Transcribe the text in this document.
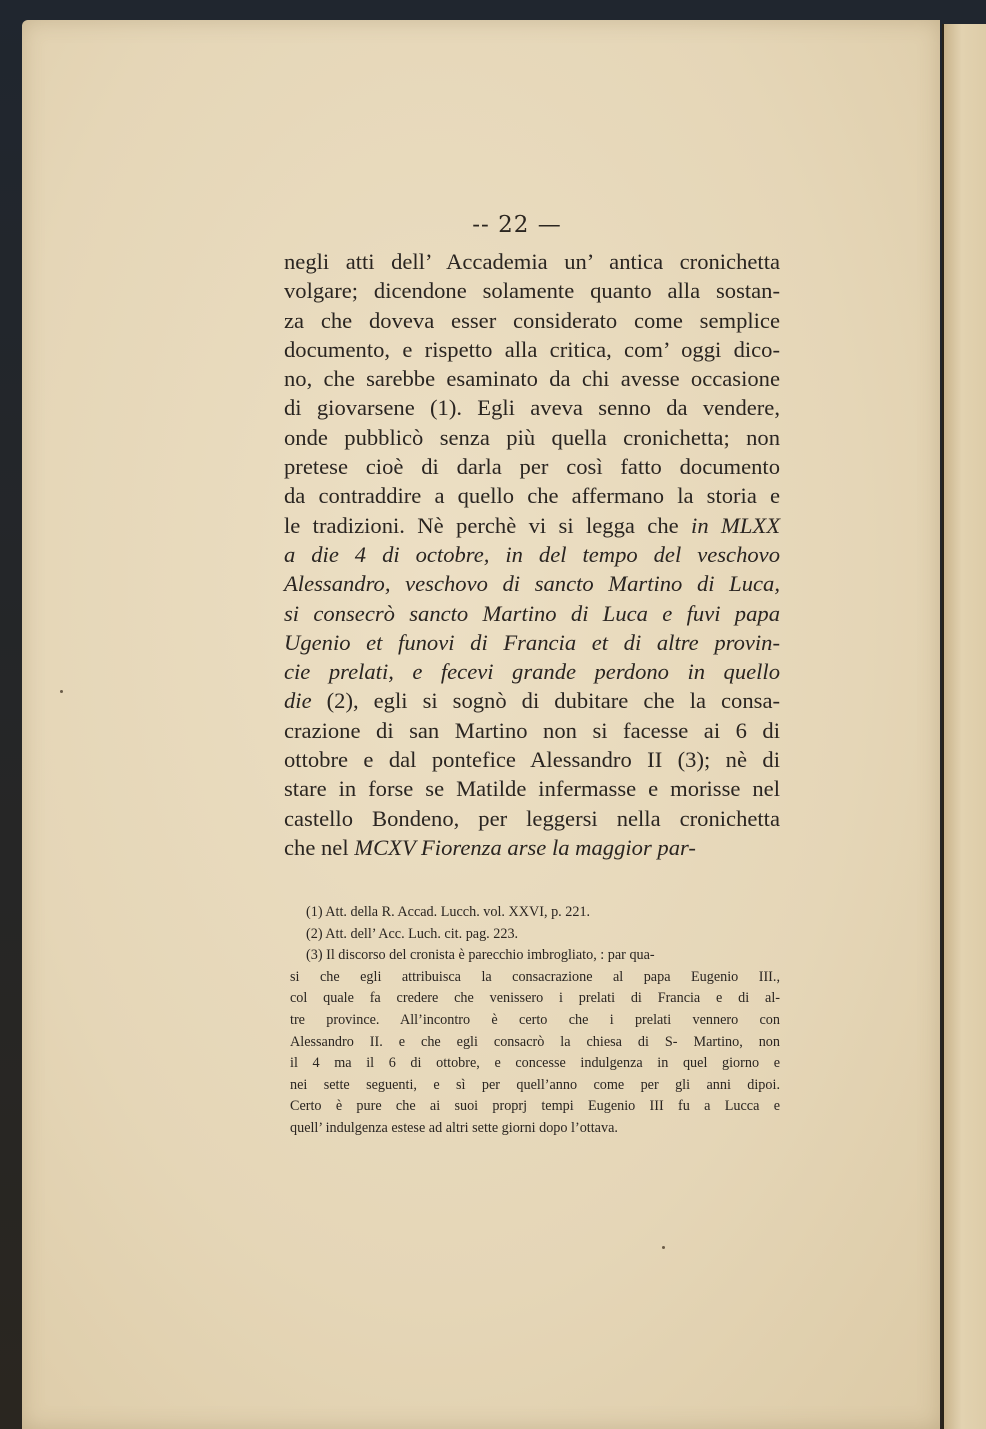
-- 22 —
negli atti dell’ Accademia un’ antica cronichetta
volgare; dicendone solamente quanto alla sostan-
za che doveva esser considerato come semplice
documento, e rispetto alla critica, com’ oggi dico-
no, che sarebbe esaminato da chi avesse occasione
di giovarsene (1). Egli aveva senno da vendere,
onde pubblicò senza più quella cronichetta; non
pretese cioè di darla per così fatto documento
da contraddire a quello che affermano la storia e
le tradizioni. Nè perchè vi si legga che in MLXX
a die 4 di octobre, in del tempo del veschovo
Alessandro, veschovo di sancto Martino di Luca,
si consecrò sancto Martino di Luca e fuvi papa
Ugenio et funovi di Francia et di altre provin-
cie prelati, e fecevi grande perdono in quello
die (2), egli si sognò di dubitare che la consa-
crazione di san Martino non si facesse ai 6 di
ottobre e dal pontefice Alessandro II (3); nè di
stare in forse se Matilde infermasse e morisse nel
castello Bondeno, per leggersi nella cronichetta
che nel MCXV Fiorenza arse la maggior par-
(1) Att. della R. Accad. Lucch. vol. XXVI, p. 221.
(2) Att. dell’ Acc. Luch. cit. pag. 223.
(3) Il discorso del cronista è parecchio imbrogliato, : par qua-
si che egli attribuisca la consacrazione al papa Eugenio III.,
col quale fa credere che venissero i prelati di Francia e di al-
tre province. All’incontro è certo che i prelati vennero con
Alessandro II. e che egli consacrò la chiesa di S- Martino, non
il 4 ma il 6 di ottobre, e concesse indulgenza in quel giorno e
nei sette seguenti, e sì per quell’anno come per gli anni dipoi.
Certo è pure che ai suoi proprj tempi Eugenio III fu a Lucca e
quell’ indulgenza estese ad altri sette giorni dopo l’ottava.
